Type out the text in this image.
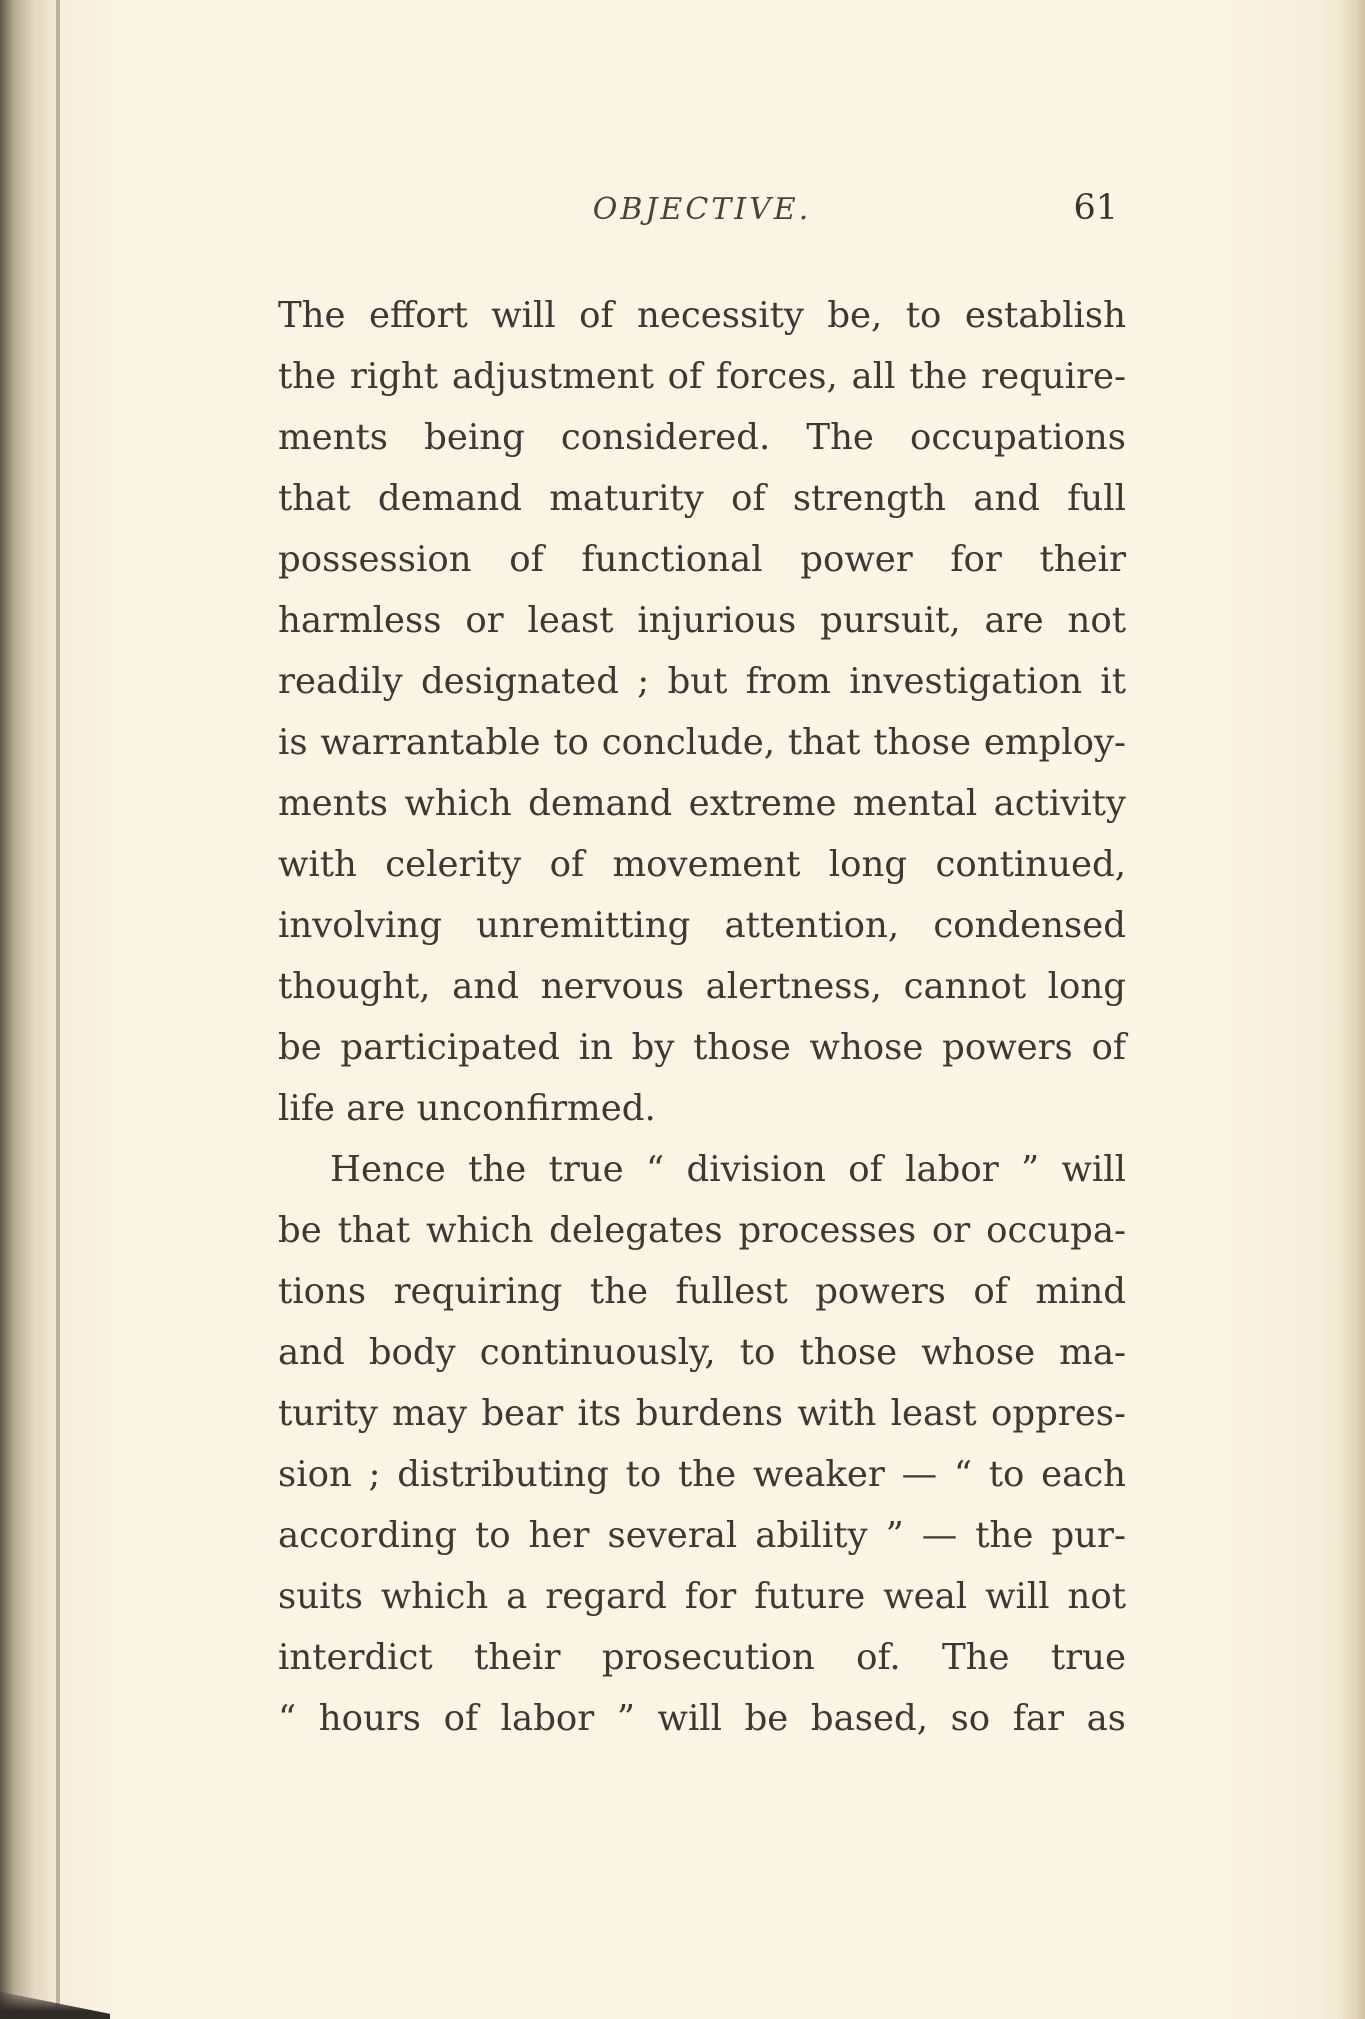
OBJECTIVE.	61
The effort will of necessity be, to establish
the right adjustment of forces, all the require-
ments being considered. The occupations
that demand maturity of strength and full
possession of functional power for their
harmless or least injurious pursuit, are not
readily designated ; but from investigation it
is warrantable to conclude, that those employ-
ments which demand extreme mental activity
with celerity of movement long continued,
involving unremitting attention, condensed
thought, and nervous alertness, cannot long
be participated in by those whose powers of
life are unconfirmed.
Hence the true “ division of labor ” will
be that which delegates processes or occupa-
tions requiring the fullest powers of mind
and body continuously, to those whose ma-
turity may bear its burdens with least oppres-
sion ; distributing to the weaker — “ to each
according to her several ability ” — the pur-
suits which a regard for future weal will not
interdict their prosecution of. The true
“ hours of labor ” will be based, so far as
